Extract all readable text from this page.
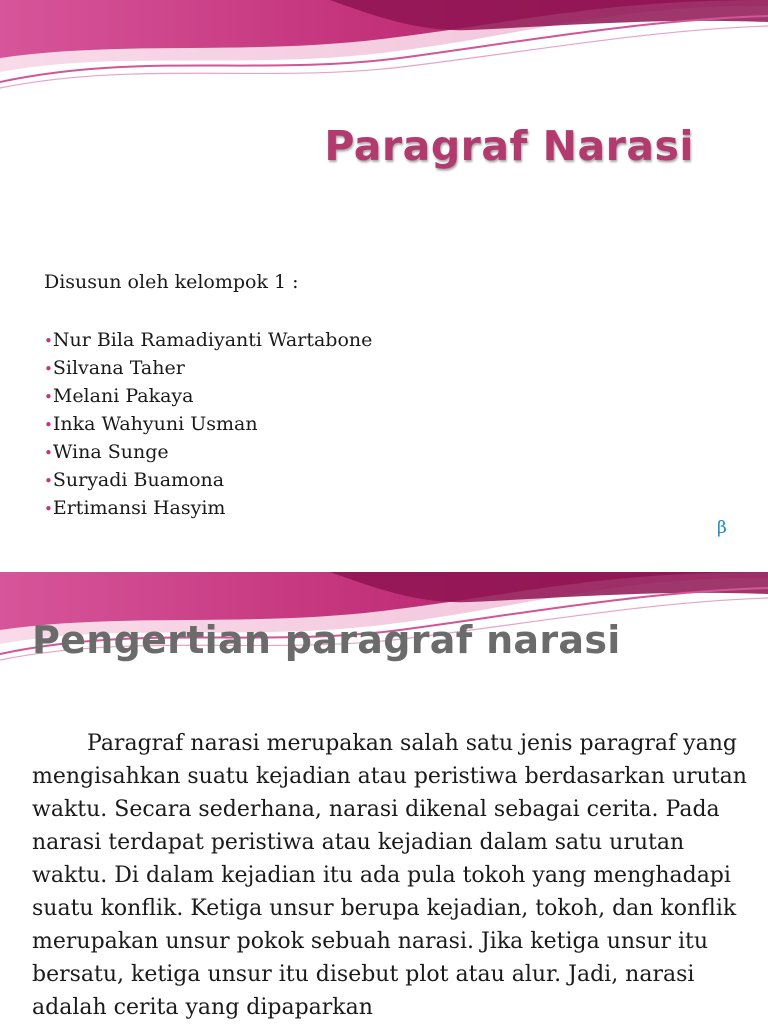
Paragraf Narasi

Disusun oleh kelompok 1 :

•Nur Bila Ramadiyanti Wartabone
•Silvana Taher
•Melani Pakaya
•Inka Wahyuni Usman
•Wina Sunge
•Suryadi Buamona
•Ertimansi Hasyim
β
Pengertian paragraf narasi

Paragraf narasi merupakan salah satu jenis paragraf yang mengisahkan suatu kejadian atau peristiwa berdasarkan urutan waktu. Secara sederhana, narasi dikenal sebagai cerita. Pada narasi terdapat peristiwa atau kejadian dalam satu urutan waktu. Di dalam kejadian itu ada pula tokoh yang menghadapi suatu konflik. Ketiga unsur berupa kejadian, tokoh, dan konflik merupakan unsur pokok sebuah narasi. Jika ketiga unsur itu bersatu, ketiga unsur itu disebut plot atau alur. Jadi, narasi adalah cerita yang dipaparkan
